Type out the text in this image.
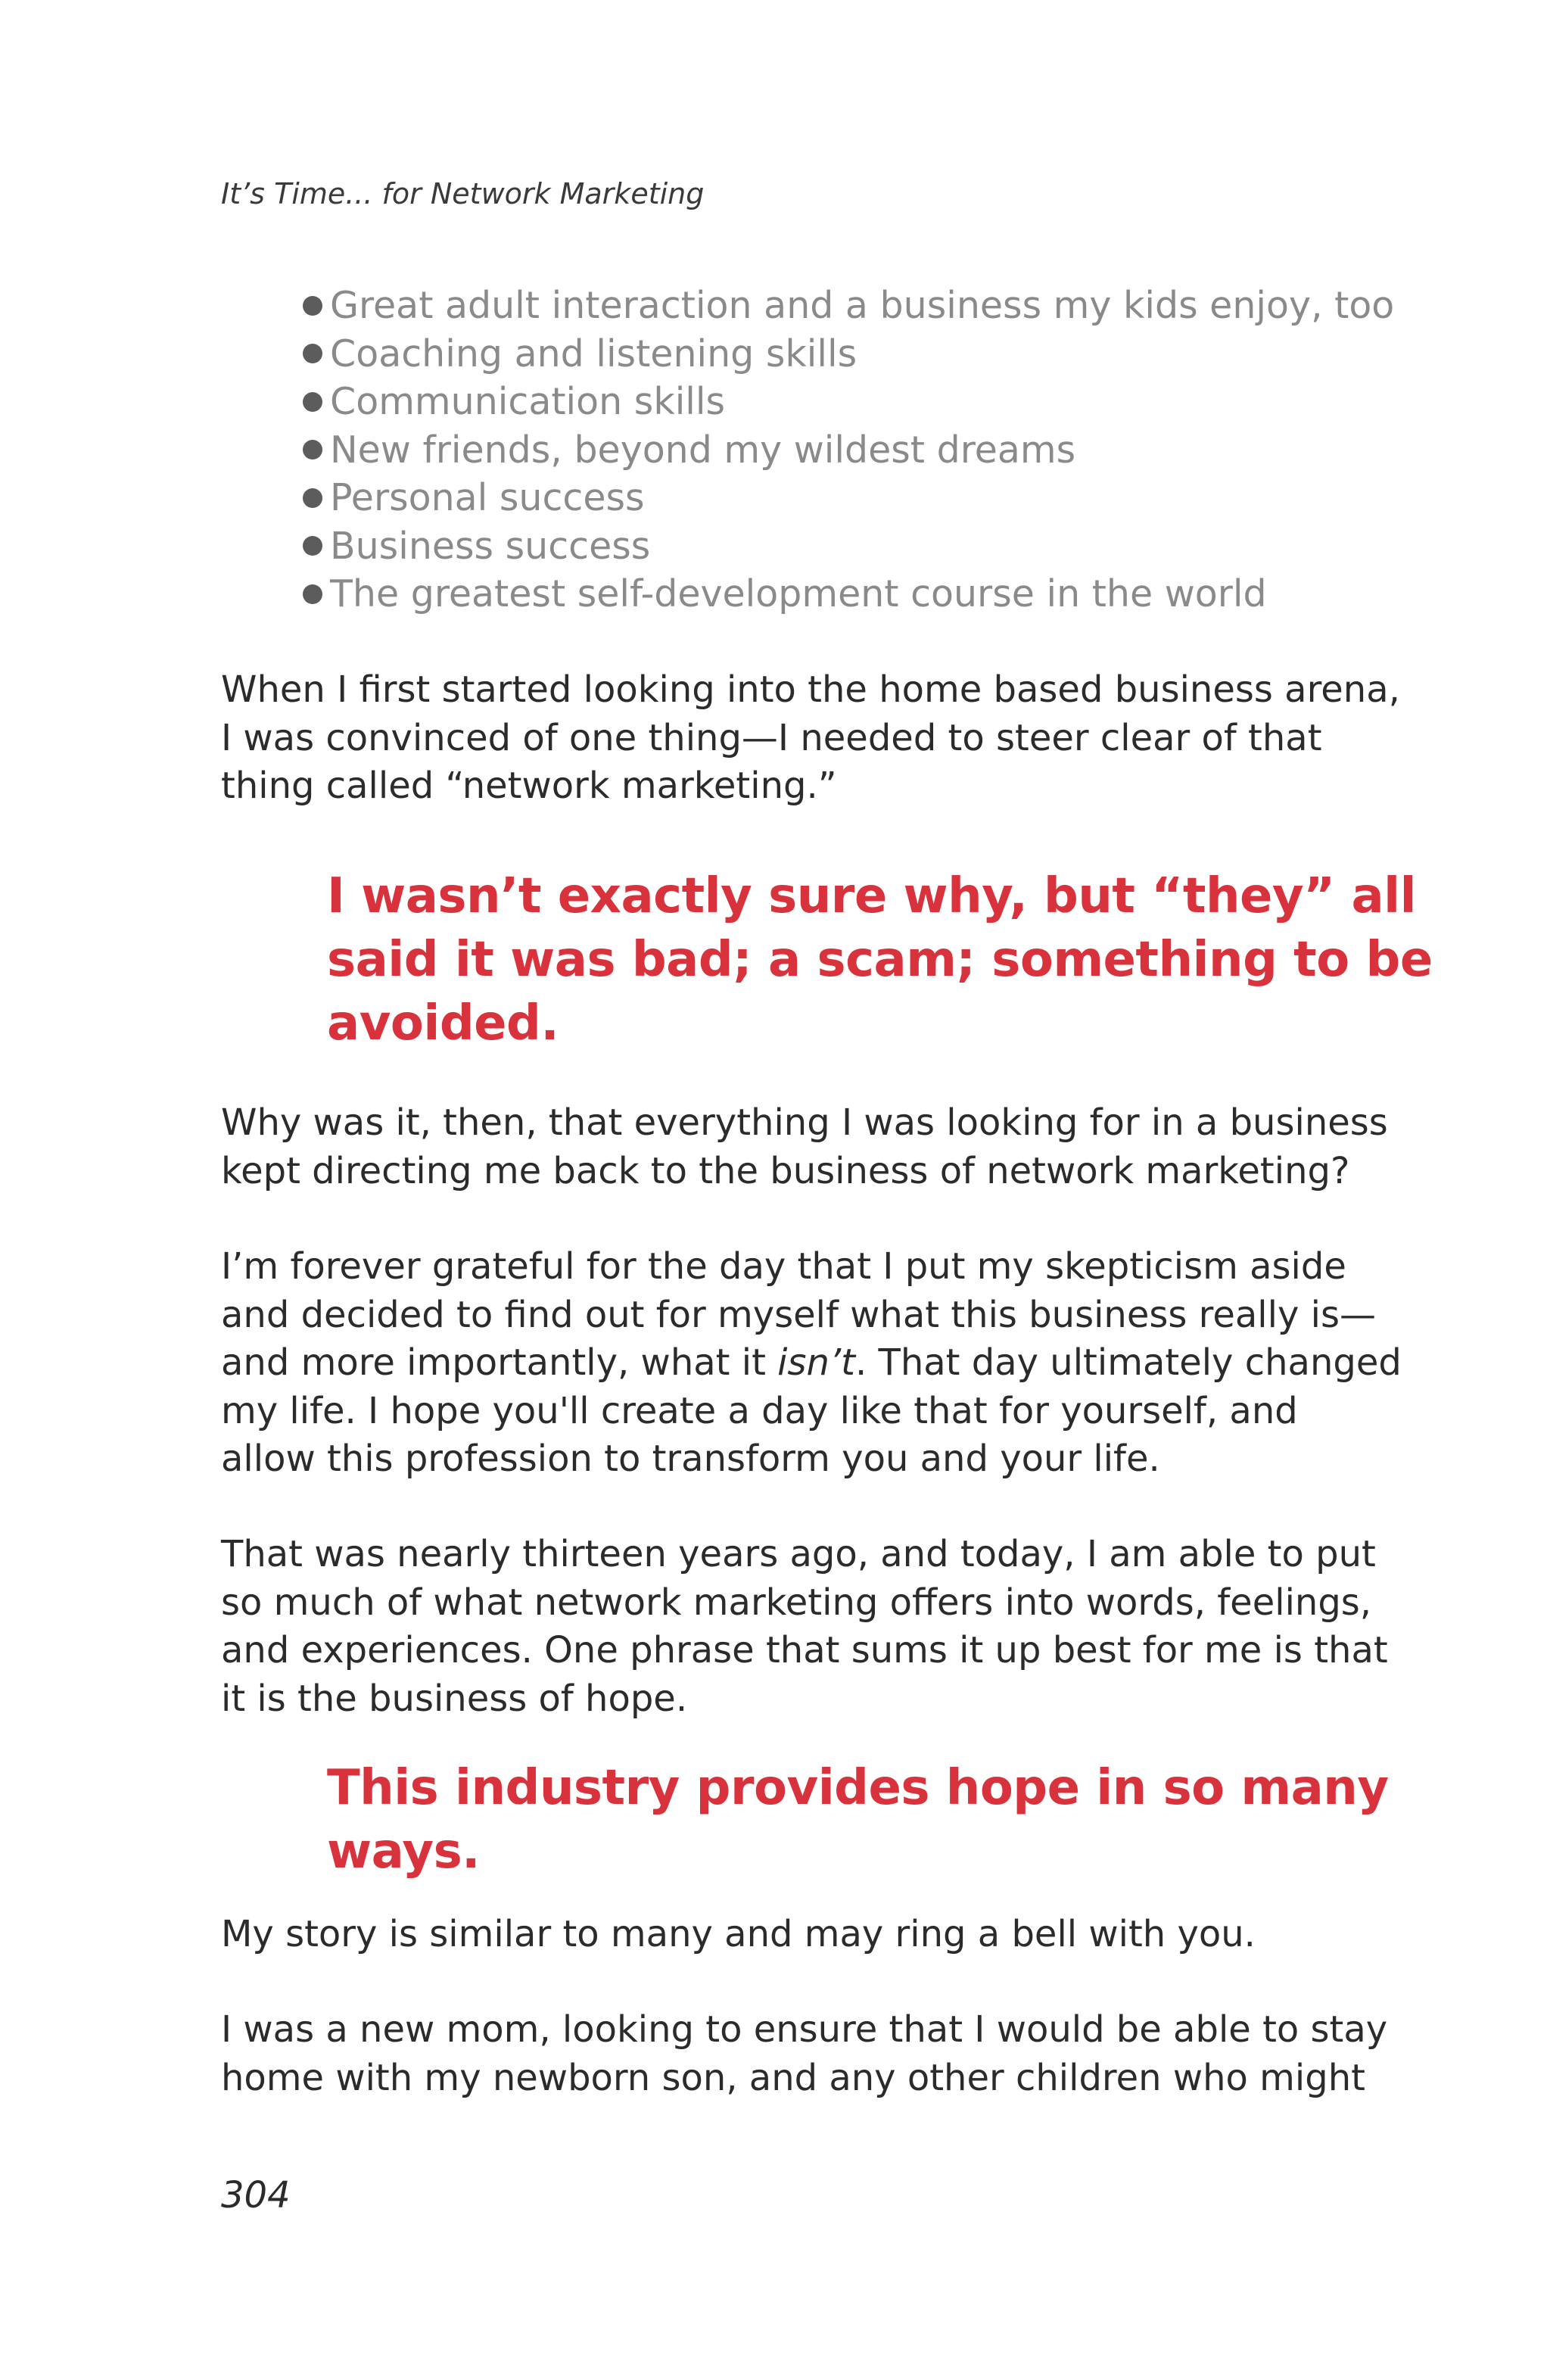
It’s Time... for Network Marketing
Great adult interaction and a business my kids enjoy, too
Coaching and listening skills
Communication skills
New friends, beyond my wildest dreams
Personal success
Business success
The greatest self-development course in the world

When I first started looking into the home based business arena,
I was convinced of one thing—I needed to steer clear of that
thing called “network marketing.”

I wasn’t exactly sure why, but “they” all
said it was bad; a scam; something to be
avoided.

Why was it, then, that everything I was looking for in a business
kept directing me back to the business of network marketing?

I’m forever grateful for the day that I put my skepticism aside
and decided to find out for myself what this business really is—
and more importantly, what it isn’t. That day ultimately changed
my life. I hope you'll create a day like that for yourself, and
allow this profession to transform you and your life.

That was nearly thirteen years ago, and today, I am able to put
so much of what network marketing offers into words, feelings,
and experiences. One phrase that sums it up best for me is that
it is the business of hope.

This industry provides hope in so many
ways.

My story is similar to many and may ring a bell with you.

I was a new mom, looking to ensure that I would be able to stay
home with my newborn son, and any other children who might

304
